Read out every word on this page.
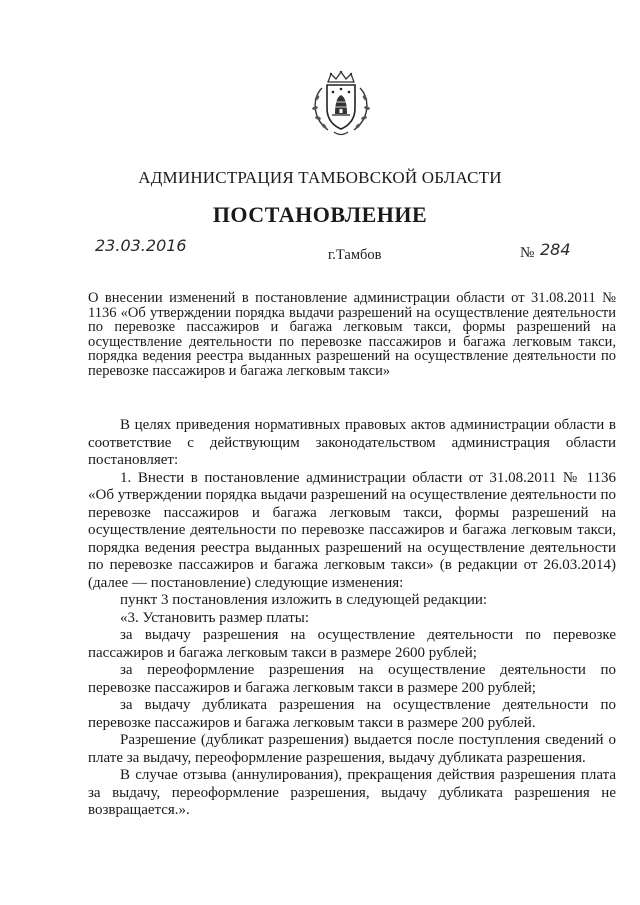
АДМИНИСТРАЦИЯ ТАМБОВСКОЙ ОБЛАСТИ
ПОСТАНОВЛЕНИЕ
23.03.2016	г.Тамбов	№ 284
О внесении изменений в постановление администрации области от 31.08.2011 № 1136 «Об утверждении порядка выдачи разрешений на осуществление деятельности по перевозке пассажиров и багажа легковым такси, формы разрешений на осуществление деятельности по перевозке пассажиров и багажа легковым такси, порядка ведения реестра выданных разрешений на осуществление деятельности по перевозке пассажиров и багажа легковым такси»

В целях приведения нормативных правовых актов администрации области в соответствие с действующим законодательством администрация области постановляет:

1. Внести в постановление администрации области от 31.08.2011 № 1136 «Об утверждении порядка выдачи разрешений на осуществление деятельности по перевозке пассажиров и багажа легковым такси, формы разрешений на осуществление деятельности по перевозке пассажиров и багажа легковым такси, порядка ведения реестра выданных разрешений на осуществление деятельности по перевозке пассажиров и багажа легковым такси» (в редакции от 26.03.2014) (далее — постановление) следующие изменения:

пункт 3 постановления изложить в следующей редакции:

«3. Установить размер платы:

за выдачу разрешения на осуществление деятельности по перевозке пассажиров и багажа легковым такси в размере 2600 рублей;

за переоформление разрешения на осуществление деятельности по перевозке пассажиров и багажа легковым такси в размере 200 рублей;

за выдачу дубликата разрешения на осуществление деятельности по перевозке пассажиров и багажа легковым такси в размере 200 рублей.

Разрешение (дубликат разрешения) выдается после поступления сведений о плате за выдачу, переоформление разрешения, выдачу дубликата разрешения.

В случае отзыва (аннулирования), прекращения действия разрешения плата за выдачу, переоформление разрешения, выдачу дубликата разрешения не возвращается.».
